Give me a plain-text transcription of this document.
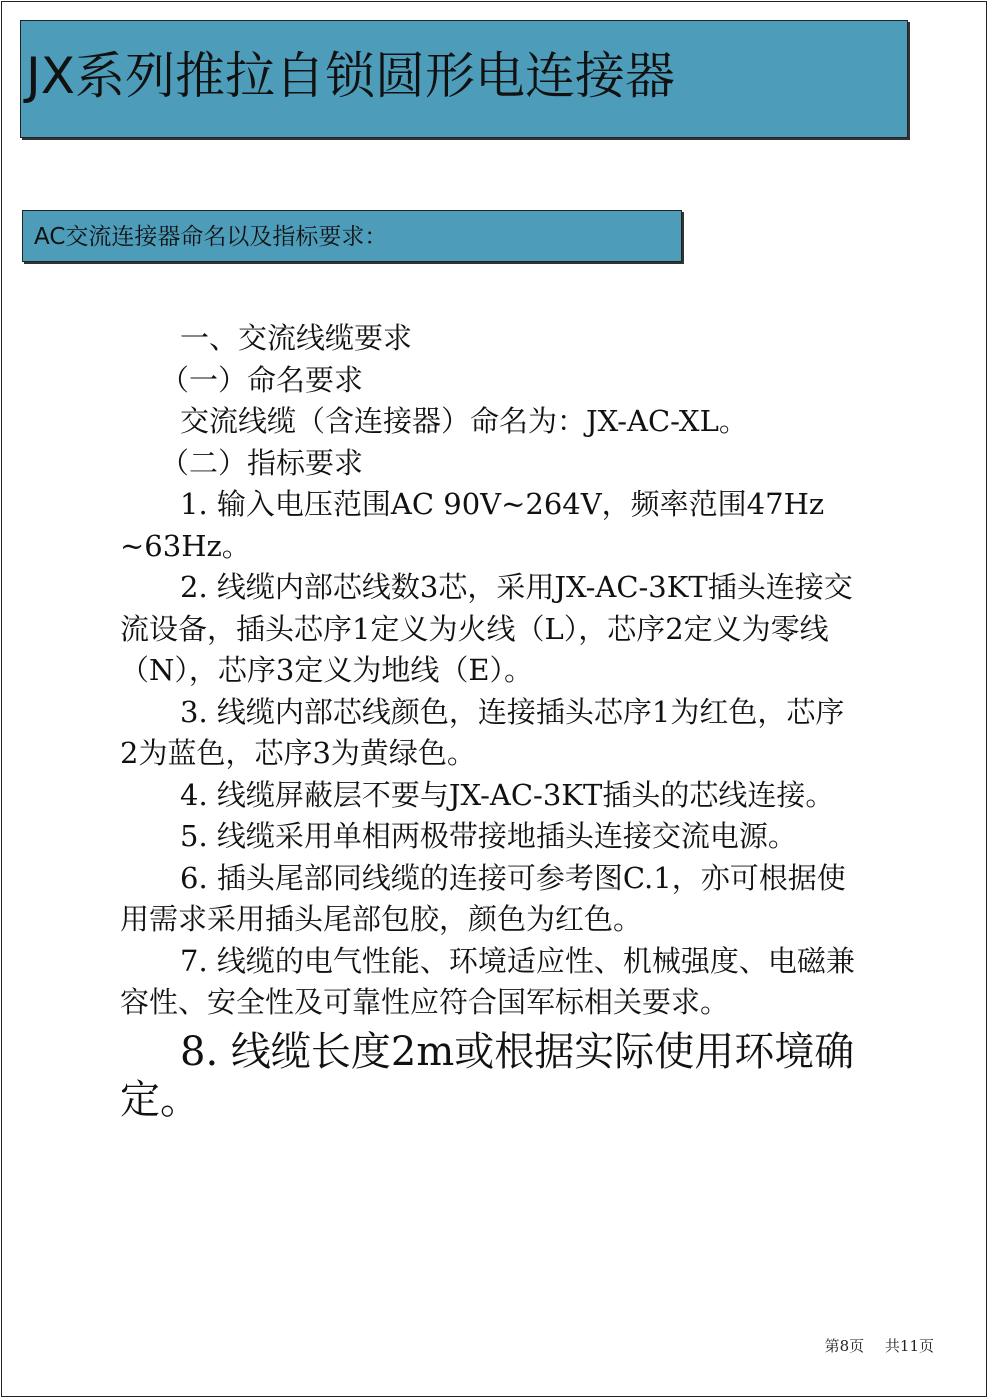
JX系列推拉自锁圆形电连接器
AC交流连接器命名以及指标要求：

一、交流线缆要求

（一）命名要求

交流线缆（含连接器）命名为：JX-AC-XL。

（二）指标要求

1. 输入电压范围AC 90V~264V，频率范围47Hz ~63Hz。

2. 线缆内部芯线数3芯，采用JX-AC-3KT插头连接交流设备，插头芯序1定义为火线（L），芯序2定义为零线（N），芯序3定义为地线（E）。

3. 线缆内部芯线颜色，连接插头芯序1为红色，芯序 2为蓝色，芯序3为黄绿色。

4. 线缆屏蔽层不要与JX-AC-3KT插头的芯线连接。

5. 线缆采用单相两极带接地插头连接交流电源。

6. 插头尾部同线缆的连接可参考图C.1，亦可根据使用需求采用插头尾部包胶，颜色为红色。

7. 线缆的电气性能、环境适应性、机械强度、电磁兼容性、安全性及可靠性应符合国军标相关要求。

8. 线缆长度2m或根据实际使用环境确定。

第8页 共11页
